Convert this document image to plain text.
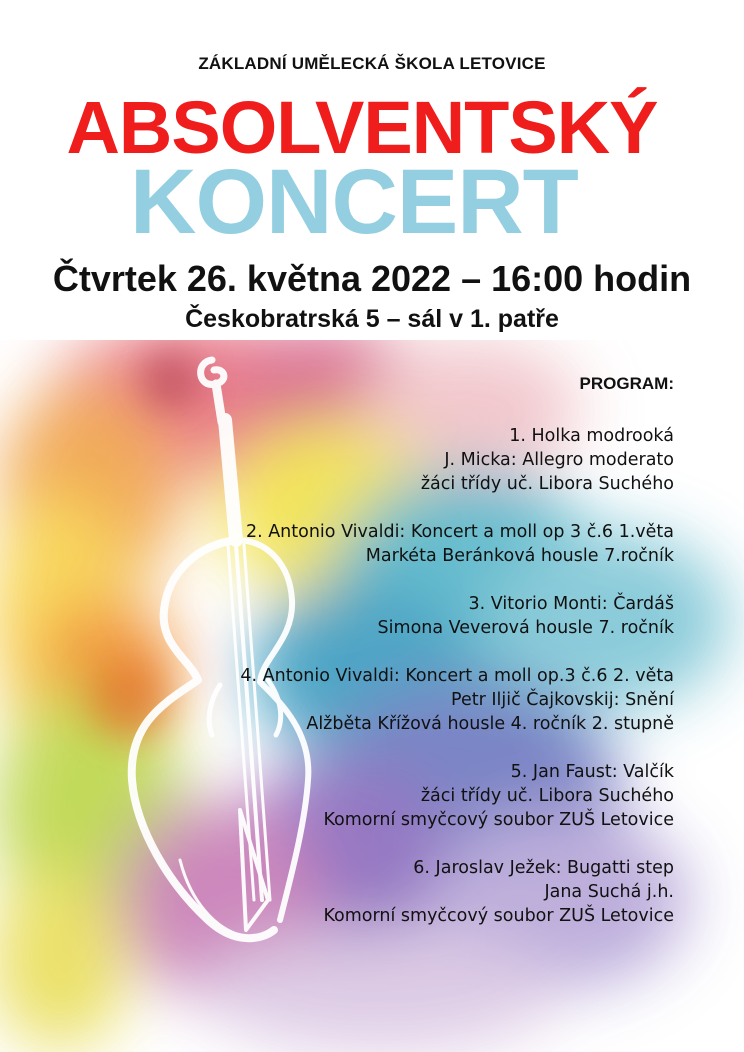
ZÁKLADNÍ UMĚLECKÁ ŠKOLA LETOVICE
ABSOLVENTSKÝ
KONCERT
Čtvrtek 26. května 2022 – 16:00 hodin
Českobratrská 5 – sál v 1. patře
PROGRAM:
1. Holka modrooká
J. Micka: Allegro moderato
žáci třídy uč. Libora Suchého
2. Antonio Vivaldi: Koncert a moll op 3 č.6 1.věta
Markéta Beránková housle 7.ročník
3. Vitorio Monti: Čardáš
Simona Veverová housle 7. ročník
4. Antonio Vivaldi: Koncert a moll op.3 č.6 2. věta
Petr Iljič Čajkovskij: Snění
Alžběta Křížová housle 4. ročník 2. stupně
5. Jan Faust: Valčík
žáci třídy uč. Libora Suchého
Komorní smyčcový soubor ZUŠ Letovice
6. Jaroslav Ježek: Bugatti step
Jana Suchá j.h.
Komorní smyčcový soubor ZUŠ Letovice
